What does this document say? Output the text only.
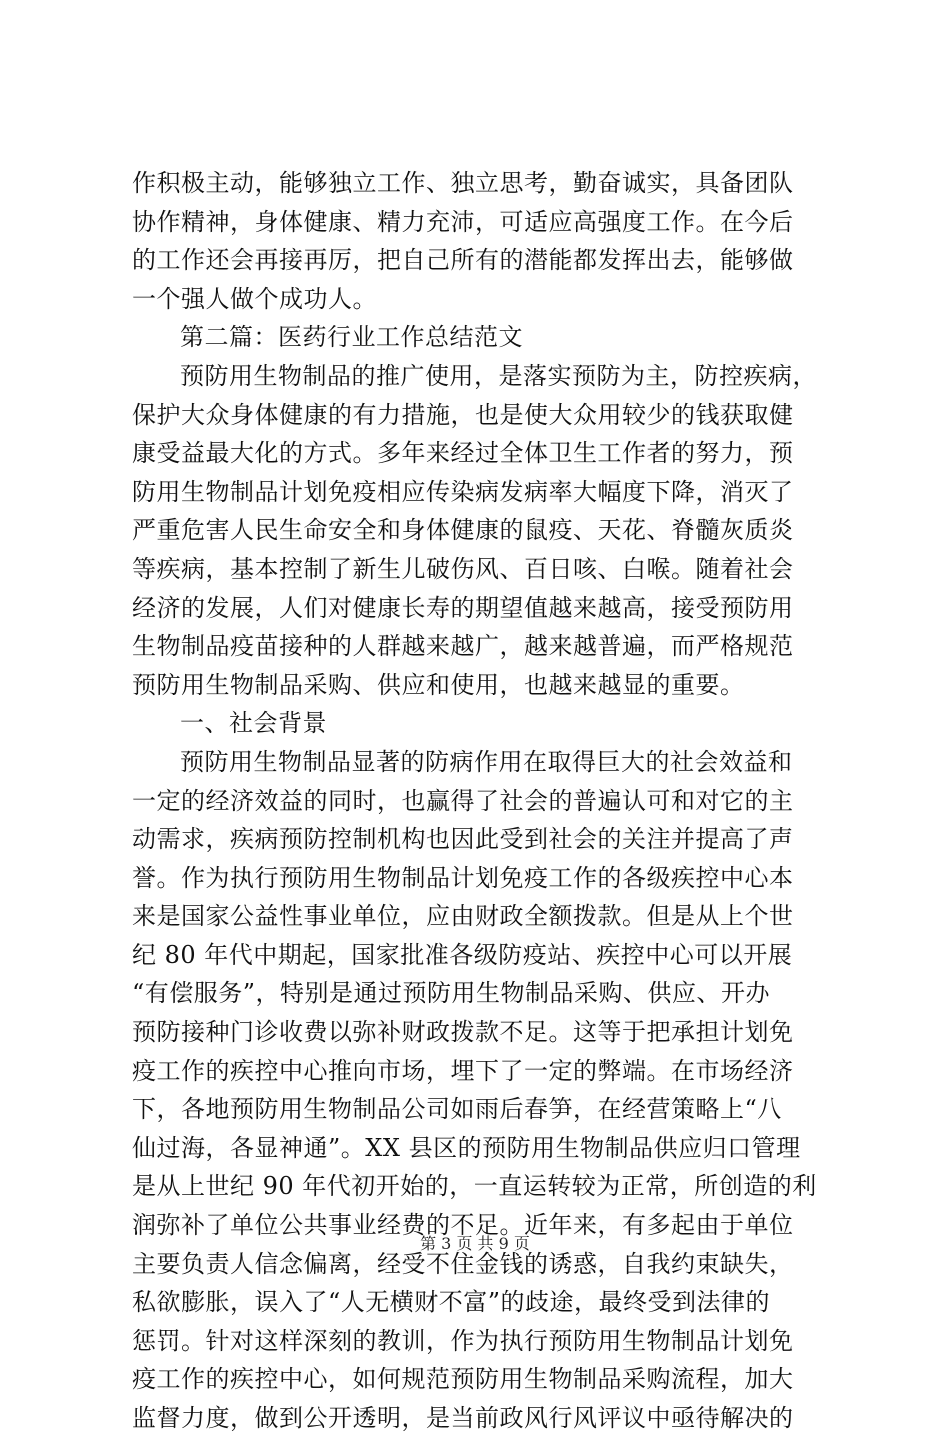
作积极主动，能够独立工作、独立思考，勤奋诚实，具备团队
协作精神，身体健康、精力充沛，可适应高强度工作。在今后
的工作还会再接再厉，把自己所有的潜能都发挥出去，能够做
一个强人做个成功人。
第二篇：医药行业工作总结范文
预防用生物制品的推广使用，是落实预防为主，防控疾病，
保护大众身体健康的有力措施，也是使大众用较少的钱获取健
康受益最大化的方式。多年来经过全体卫生工作者的努力，预
防用生物制品计划免疫相应传染病发病率大幅度下降，消灭了
严重危害人民生命安全和身体健康的鼠疫、天花、脊髓灰质炎
等疾病，基本控制了新生儿破伤风、百日咳、白喉。随着社会
经济的发展，人们对健康长寿的期望值越来越高，接受预防用
生物制品疫苗接种的人群越来越广，越来越普遍，而严格规范
预防用生物制品采购、供应和使用，也越来越显的重要。
一、社会背景
预防用生物制品显著的防病作用在取得巨大的社会效益和
一定的经济效益的同时，也赢得了社会的普遍认可和对它的主
动需求，疾病预防控制机构也因此受到社会的关注并提高了声
誉。作为执行预防用生物制品计划免疫工作的各级疾控中心本
来是国家公益性事业单位，应由财政全额拨款。但是从上个世
纪 80 年代中期起，国家批准各级防疫站、疾控中心可以开展
“有偿服务”，特别是通过预防用生物制品采购、供应、开办
预防接种门诊收费以弥补财政拨款不足。这等于把承担计划免
疫工作的疾控中心推向市场，埋下了一定的弊端。在市场经济
下，各地预防用生物制品公司如雨后春笋，在经营策略上“八
仙过海，各显神通”。XX 县区的预防用生物制品供应归口管理
是从上世纪 90 年代初开始的，一直运转较为正常，所创造的利
润弥补了单位公共事业经费的不足。近年来，有多起由于单位
主要负责人信念偏离，经受不住金钱的诱惑，自我约束缺失，
私欲膨胀，误入了“人无横财不富”的歧途，最终受到法律的
惩罚。针对这样深刻的教训，作为执行预防用生物制品计划免
疫工作的疾控中心，如何规范预防用生物制品采购流程，加大
监督力度，做到公开透明，是当前政风行风评议中亟待解决的
第 3 页 共 9 页
